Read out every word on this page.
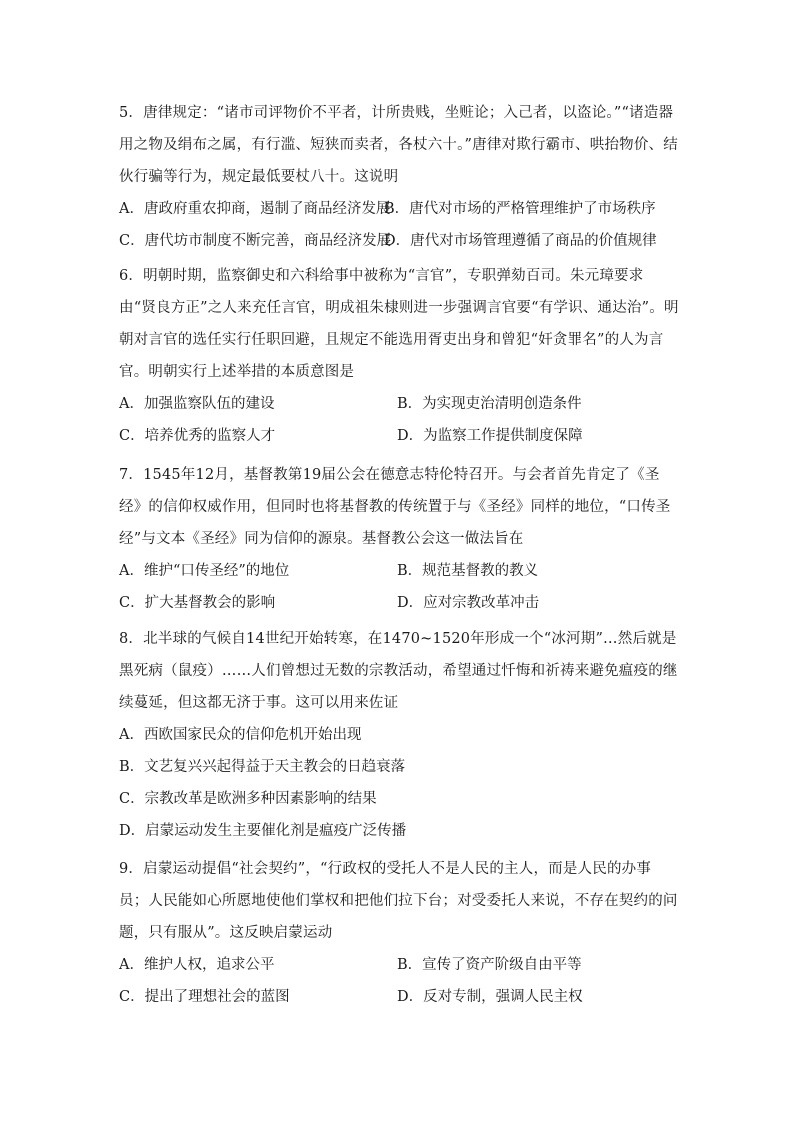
5．唐律规定：“诸市司评物价不平者，计所贵贱，坐赃论；入己者，以盗论。”“诸造器用之物及绢布之属，有行滥、短狭而卖者，各杖六十。”唐律对欺行霸市、哄抬物价、结伙行骗等行为，规定最低要杖八十。这说明

A．唐政府重农抑商，遏制了商品经济发展
B．唐代对市场的严格管理维护了市场秩序
C．唐代坊市制度不断完善，商品经济发展
D．唐代对市场管理遵循了商品的价值规律

6．明朝时期，监察御史和六科给事中被称为“言官”，专职弹劾百司。朱元璋要求由“贤良方正”之人来充任言官，明成祖朱棣则进一步强调言官要“有学识、通达治”。明朝对言官的选任实行任职回避，且规定不能选用胥吏出身和曾犯“奸贪罪名”的人为言官。明朝实行上述举措的本质意图是

A．加强监察队伍的建设	B．为实现吏治清明创造条件
C．培养优秀的监察人才	D．为监察工作提供制度保障

7．1545年12月，基督教第19届公会在德意志特伦特召开。与会者首先肯定了《圣经》的信仰权威作用，但同时也将基督教的传统置于与《圣经》同样的地位，“口传圣经”与文本《圣经》同为信仰的源泉。基督教公会这一做法旨在

A．维护“口传圣经”的地位	B．规范基督教的教义
C．扩大基督教会的影响	D．应对宗教改革冲击

8．北半球的气候自14世纪开始转寒，在1470~1520年形成一个“冰河期”…然后就是黑死病（鼠疫）……人们曾想过无数的宗教活动，希望通过忏悔和祈祷来避免瘟疫的继续蔓延，但这都无济于事。这可以用来佐证

A．西欧国家民众的信仰危机开始出现
B．文艺复兴兴起得益于天主教会的日趋衰落
C．宗教改革是欧洲多种因素影响的结果
D．启蒙运动发生主要催化剂是瘟疫广泛传播

9．启蒙运动提倡“社会契约”，“行政权的受托人不是人民的主人，而是人民的办事员；人民能如心所愿地使他们掌权和把他们拉下台；对受委托人来说，不存在契约的问题，只有服从”。这反映启蒙运动

A．维护人权，追求公平	B．宣传了资产阶级自由平等
C．提出了理想社会的蓝图	D．反对专制，强调人民主权
